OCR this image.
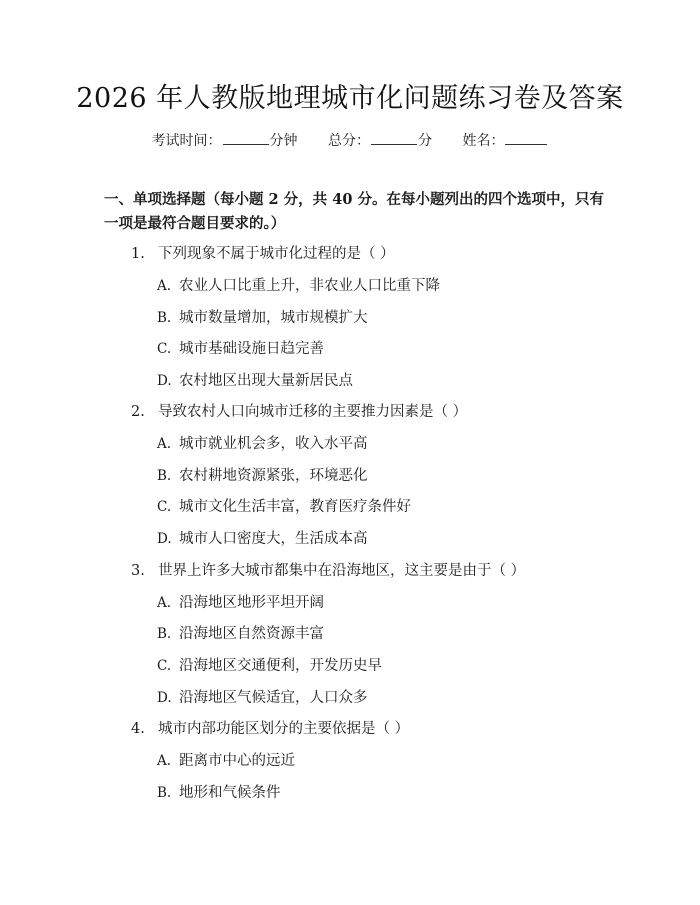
2026 年人教版地理城市化问题练习卷及答案
考试时间：	分钟 总分：	分 姓名：
一、单项选择题（每小题 2 分，共 40 分。在每小题列出的四个选项中，只有一项是最符合题目要求的。）
1. 下列现象不属于城市化过程的是（ ）
A. 农业人口比重上升，非农业人口比重下降
B. 城市数量增加，城市规模扩大
C. 城市基础设施日趋完善
D. 农村地区出现大量新居民点
2. 导致农村人口向城市迁移的主要推力因素是（ ）
A. 城市就业机会多，收入水平高
B. 农村耕地资源紧张，环境恶化
C. 城市文化生活丰富，教育医疗条件好
D. 城市人口密度大，生活成本高
3. 世界上许多大城市都集中在沿海地区，这主要是由于（ ）
A. 沿海地区地形平坦开阔
B. 沿海地区自然资源丰富
C. 沿海地区交通便利，开发历史早
D. 沿海地区气候适宜，人口众多
4. 城市内部功能区划分的主要依据是（ ）
A. 距离市中心的远近
B. 地形和气候条件
